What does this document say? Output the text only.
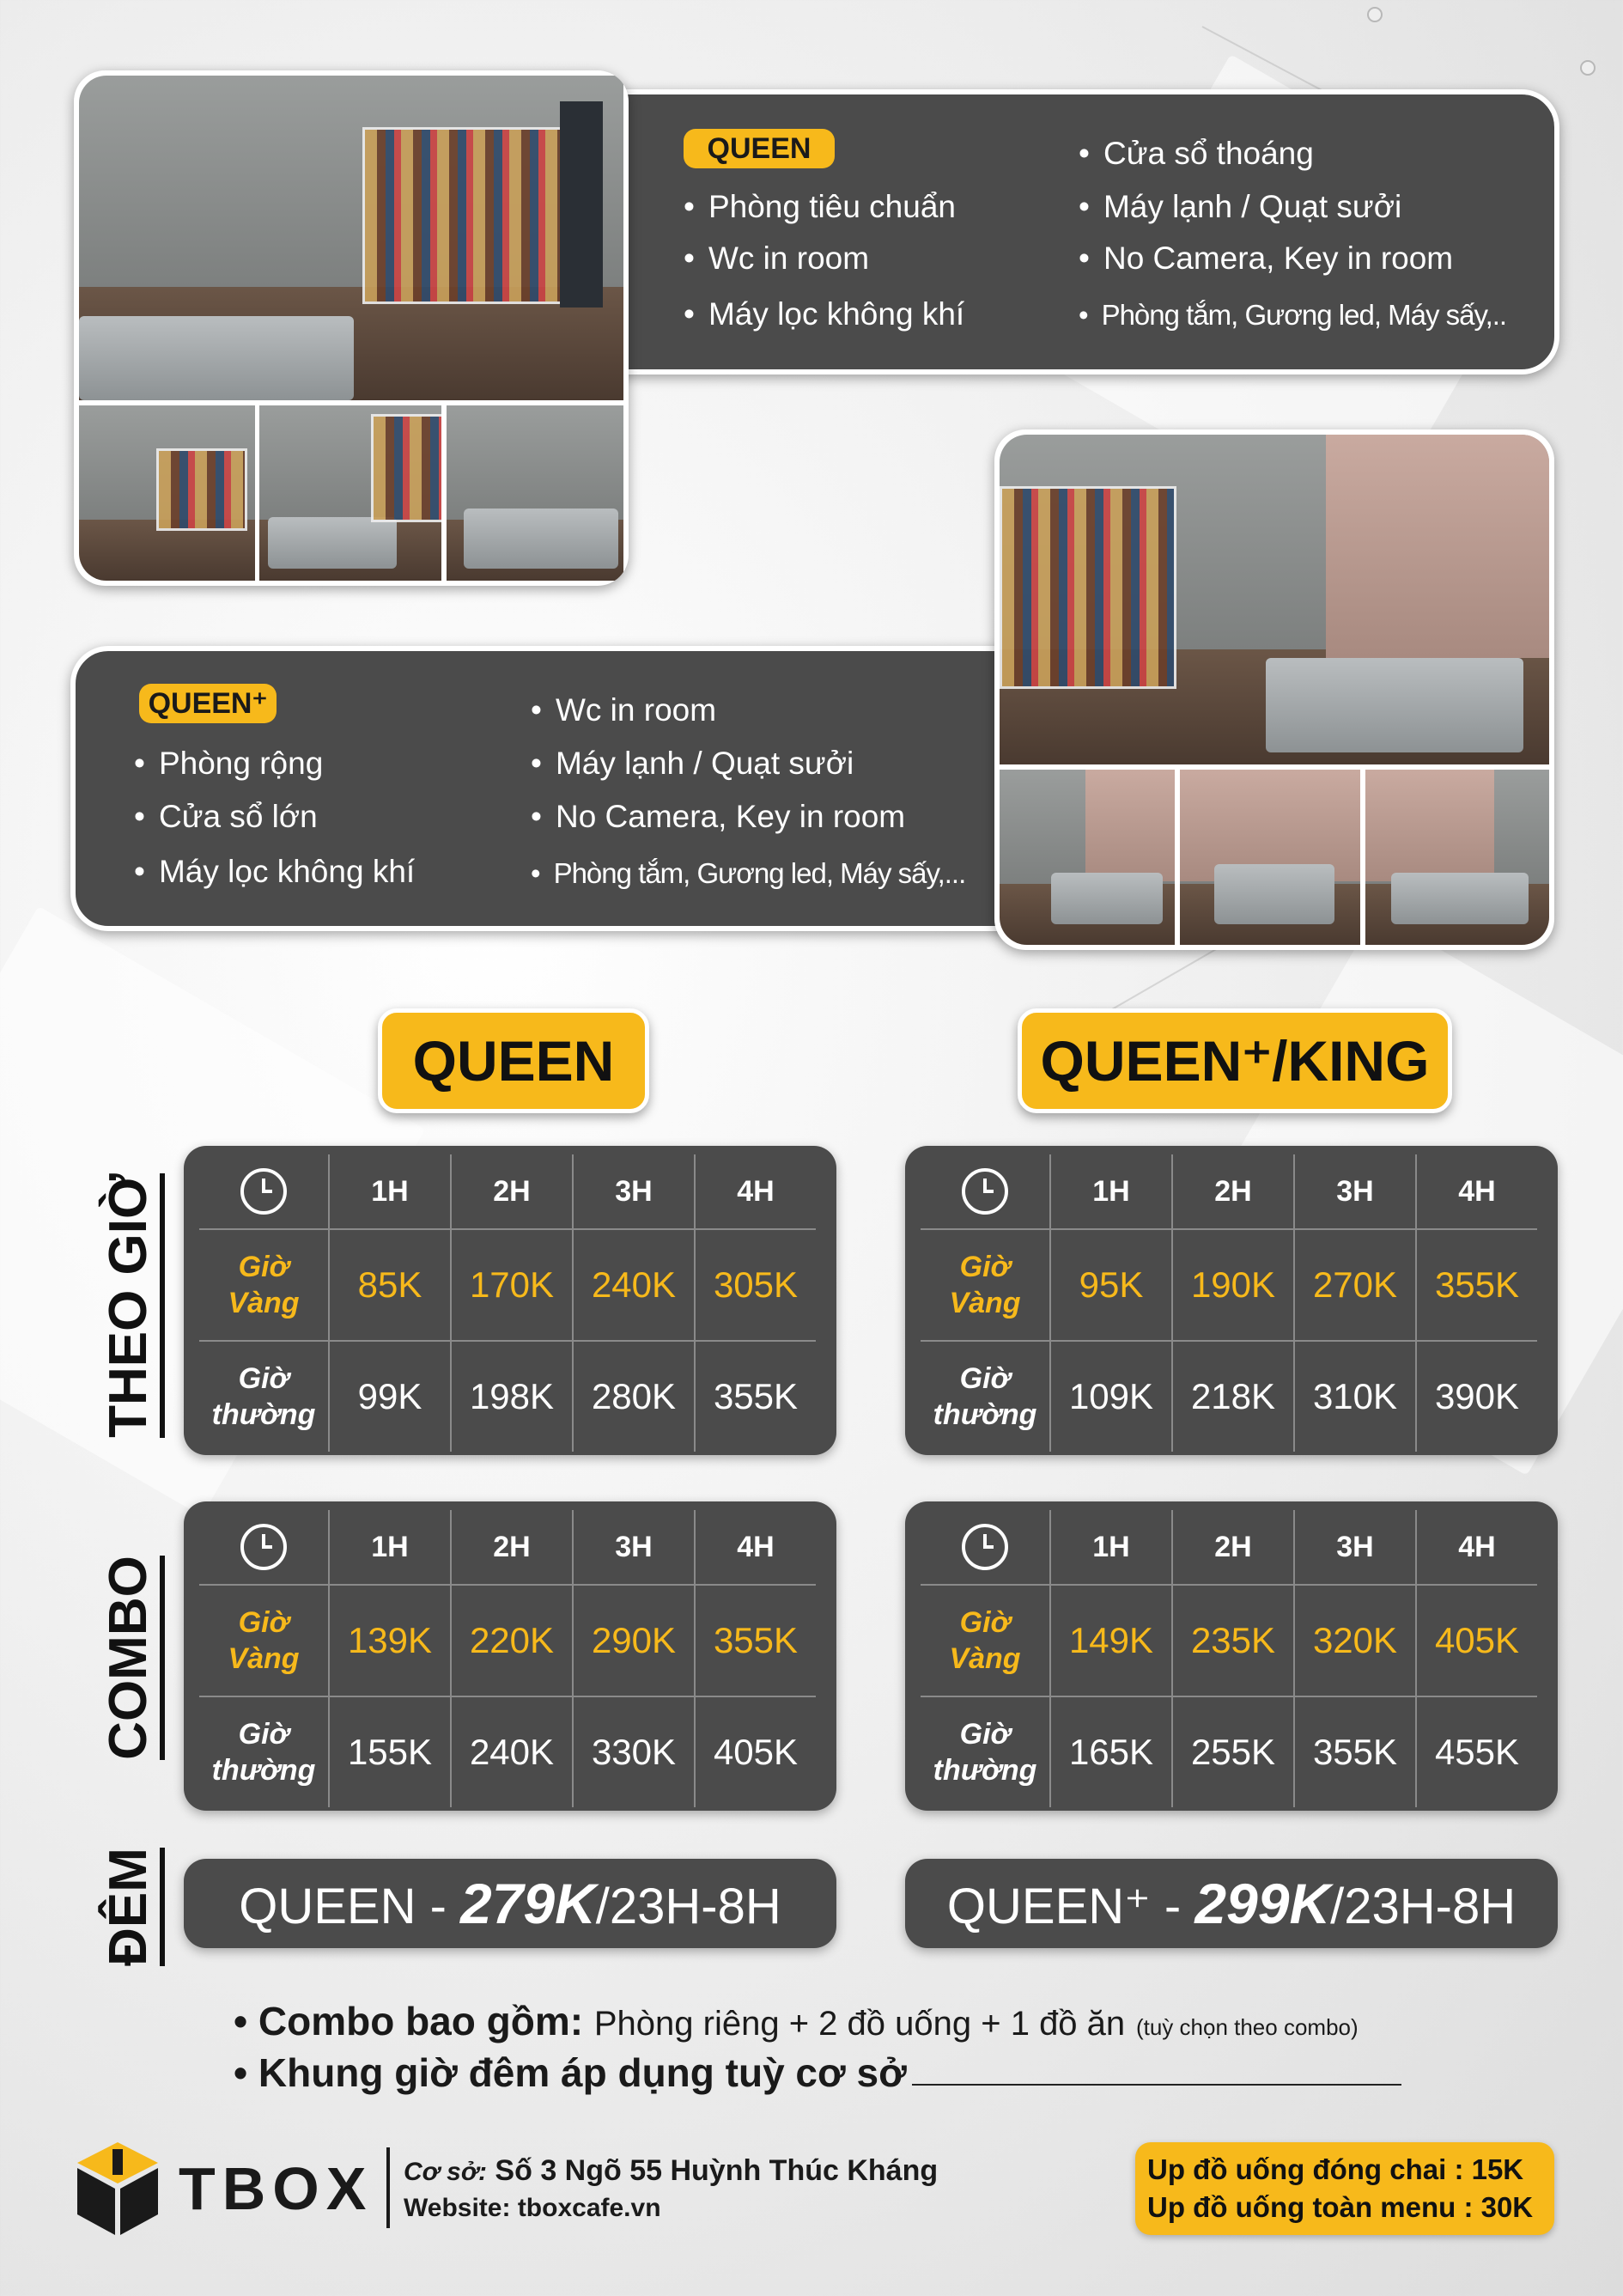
QUEEN
• Phòng tiêu chuẩn
• Wc in room
• Máy lọc không khí
• Cửa sổ thoáng
• Máy lạnh / Quạt sưởi
• No Camera, Key in room
• Phòng tắm, Gương led, Máy sấy,..
QUEEN⁺
• Phòng rộng
• Cửa sổ lớn
• Máy lọc không khí
• Wc in room
• Máy lạnh / Quạt sưởi
• No Camera, Key in room
• Phòng tắm, Gương led, Máy sấy,...
QUEEN	QUEEN⁺/KING
THEO GIỜ
COMBO
ĐÊM
	1H	2H	3H	4H
Giờ
Vàng	85K	170K	240K	305K
Giờ
thường	99K	198K	280K	355K
	1H	2H	3H	4H
Giờ
Vàng	95K	190K	270K	355K
Giờ
thường	109K	218K	310K	390K
	1H	2H	3H	4H
Giờ
Vàng	139K	220K	290K	355K
Giờ
thường	155K	240K	330K	405K
	1H	2H	3H	4H
Giờ
Vàng	149K	235K	320K	405K
Giờ
thường	165K	255K	355K	455K
QUEEN - 279K/23H-8H	QUEEN⁺ - 299K/23H-8H
• Combo bao gồm: Phòng riêng + 2 đồ uống + 1 đồ ăn (tuỳ chọn theo combo)
• Khung giờ đêm áp dụng tuỳ cơ sở
TBOX Cơ sở: Số 3 Ngõ 55 Huỳnh Thúc Kháng
Website: tboxcafe.vn
Up đồ uống đóng chai : 15K
Up đồ uống toàn menu : 30K
